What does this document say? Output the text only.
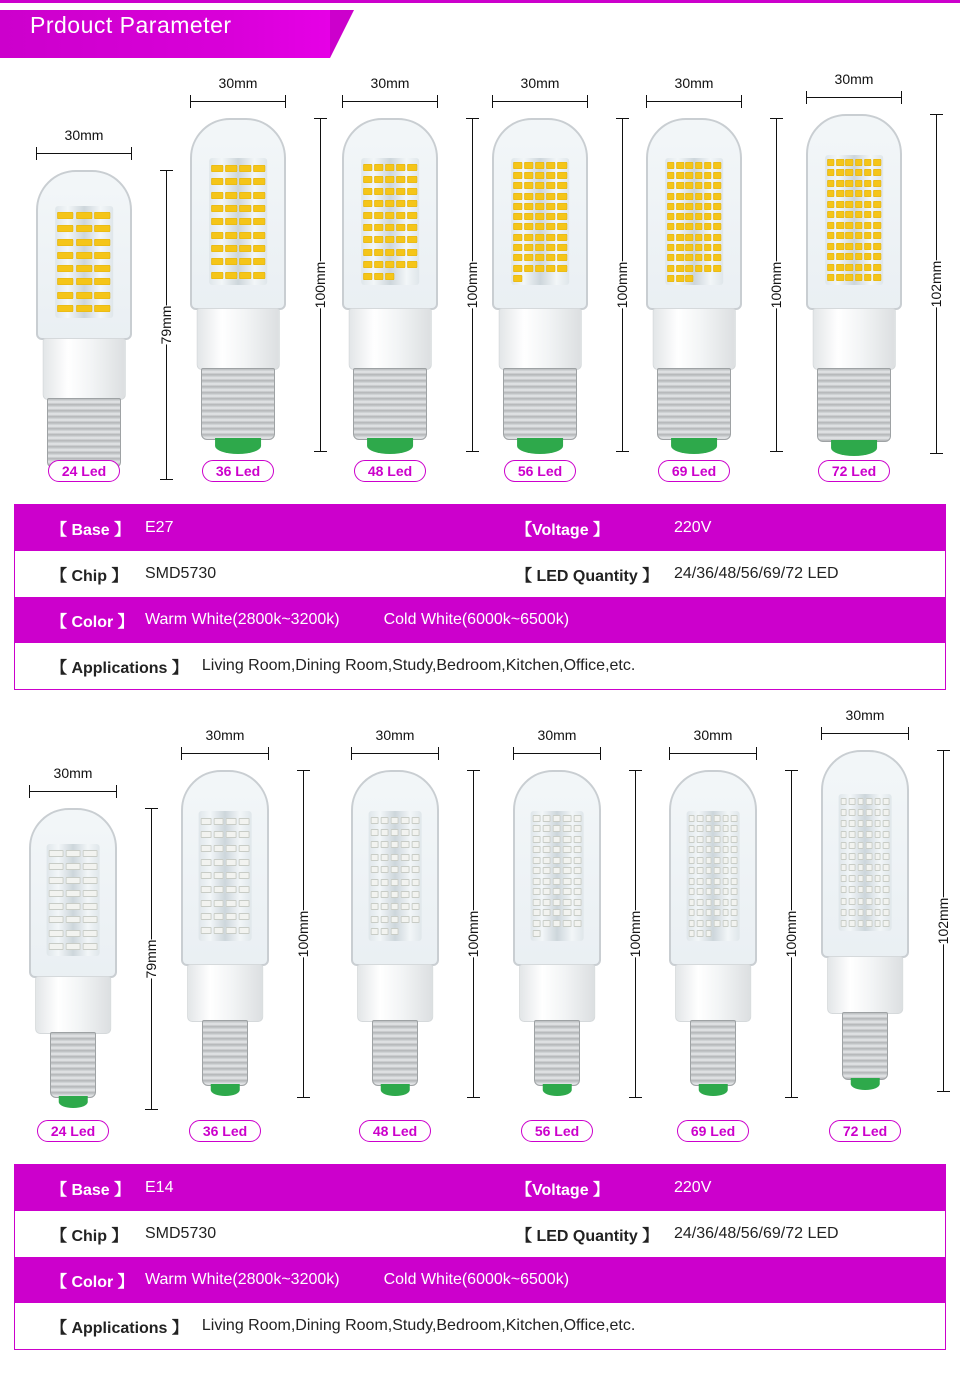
Prdouct Parameter
30mm
79mm
24 Led
30mm
100mm
36 Led
30mm
100mm
48 Led
30mm
100mm
56 Led
30mm
100mm
69 Led
30mm
102mm
72 Led
【 Base 】 E27	【Voltage 】	220V
【 Chip 】	SMD5730	【 LED Quantity 】 24/36/48/56/69/72 LED
【 Color 】 Warm White(2800k~3200k)	Cold White(6000k~6500k)
【 Applications 】 Living Room,Dining Room,Study,Bedroom,Kitchen,Office,etc.
30mm
79mm
24 Led
30mm
100mm
36 Led
30mm
100mm
48 Led
30mm
100mm
56 Led
30mm
100mm
69 Led
30mm
102mm
72 Led
【 Base 】 E14	【Voltage 】	220V
【 Chip 】	SMD5730	【 LED Quantity 】 24/36/48/56/69/72 LED
【 Color 】 Warm White(2800k~3200k)	Cold White(6000k~6500k)
【 Applications 】 Living Room,Dining Room,Study,Bedroom,Kitchen,Office,etc.
